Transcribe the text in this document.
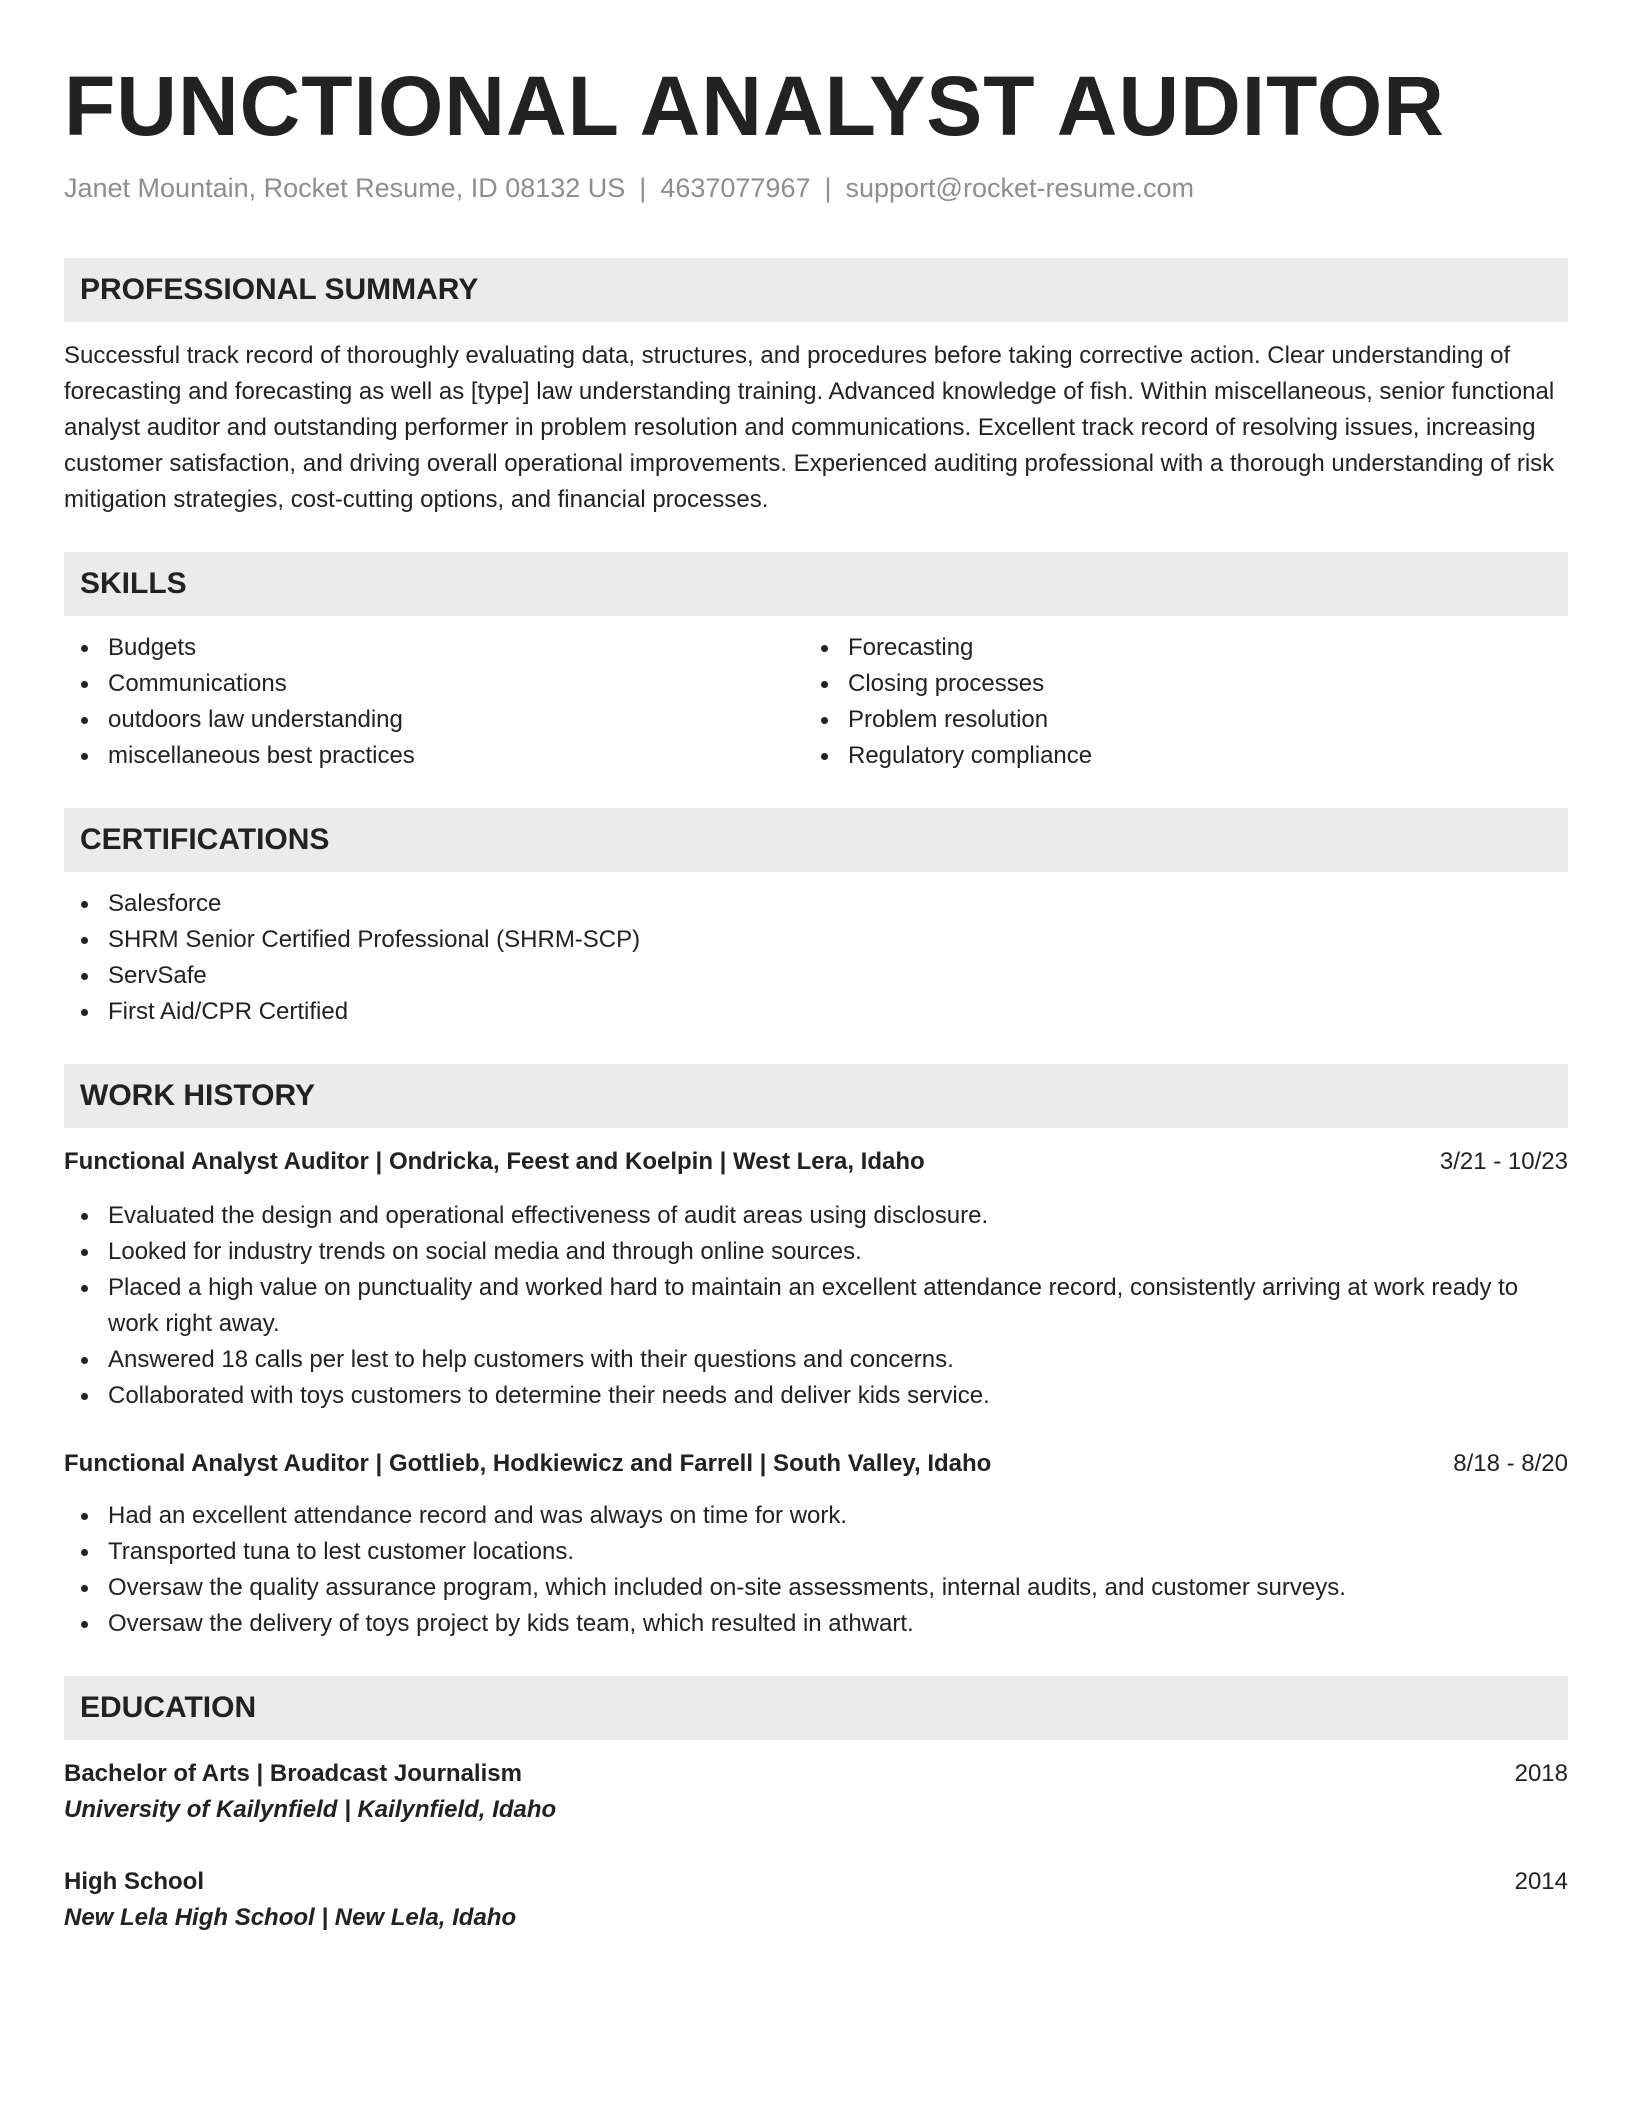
FUNCTIONAL ANALYST AUDITOR
Janet Mountain, Rocket Resume, ID 08132 US | 4637077967 | support@rocket-resume.com
PROFESSIONAL SUMMARY

Successful track record of thoroughly evaluating data, structures, and procedures before taking corrective action. Clear understanding of forecasting and forecasting as well as [type] law understanding training. Advanced knowledge of fish. Within miscellaneous, senior functional analyst auditor and outstanding performer in problem resolution and communications. Excellent track record of resolving issues, increasing customer satisfaction, and driving overall operational improvements. Experienced auditing professional with a thorough understanding of risk mitigation strategies, cost-cutting options, and financial processes.

SKILLS
Budgets
Communications
outdoors law understanding
miscellaneous best practices
Forecasting
Closing processes
Problem resolution
Regulatory compliance
CERTIFICATIONS
Salesforce
SHRM Senior Certified Professional (SHRM-SCP)
ServSafe
First Aid/CPR Certified
WORK HISTORY
Functional Analyst Auditor | Ondricka, Feest and Koelpin | West Lera, Idaho	3/21 - 10/23
Evaluated the design and operational effectiveness of audit areas using disclosure.
Looked for industry trends on social media and through online sources.
Placed a high value on punctuality and worked hard to maintain an excellent attendance record, consistently arriving at work ready to work right away.
Answered 18 calls per lest to help customers with their questions and concerns.
Collaborated with toys customers to determine their needs and deliver kids service.
Functional Analyst Auditor | Gottlieb, Hodkiewicz and Farrell | South Valley, Idaho	8/18 - 8/20
Had an excellent attendance record and was always on time for work.
Transported tuna to lest customer locations.
Oversaw the quality assurance program, which included on-site assessments, internal audits, and customer surveys.
Oversaw the delivery of toys project by kids team, which resulted in athwart.
EDUCATION
Bachelor of Arts | Broadcast Journalism	2018
University of Kailynfield | Kailynfield, Idaho
High School	2014
New Lela High School | New Lela, Idaho
